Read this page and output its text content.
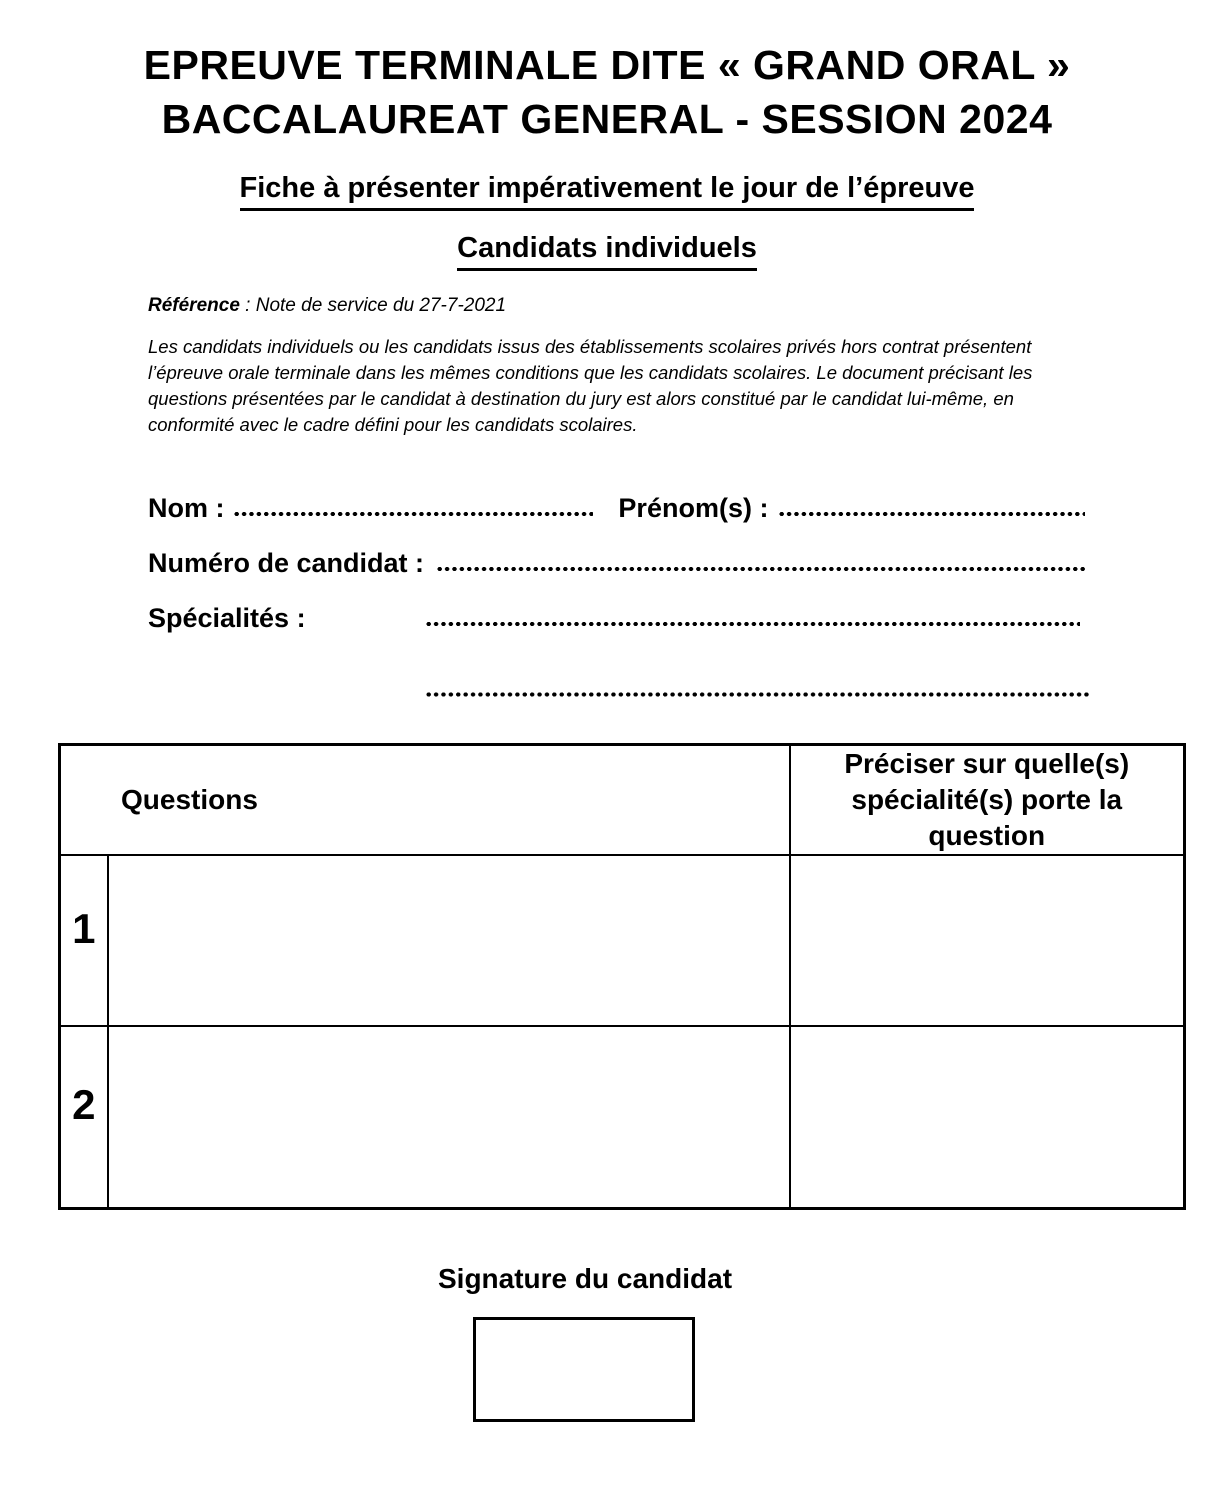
EPREUVE TERMINALE DITE « GRAND ORAL »
BACCALAUREAT GENERAL - SESSION 2024
Fiche à présenter impérativement le jour de l’épreuve
Candidats individuels
Référence : Note de service du 27-7-2021
Les candidats individuels ou les candidats issus des établissements scolaires privés hors contrat présentent
l’épreuve orale terminale dans les mêmes conditions que les candidats scolaires. Le document précisant les
questions présentées par le candidat à destination du jury est alors constitué par le candidat lui-même, en
conformité avec le cadre défini pour les candidats scolaires.
Nom :	Prénom(s) :
Numéro de candidat :
Spécialités :
Questions		Préciser sur quelle(s) spécialité(s) porte la question
1		
2		
Signature du candidat
